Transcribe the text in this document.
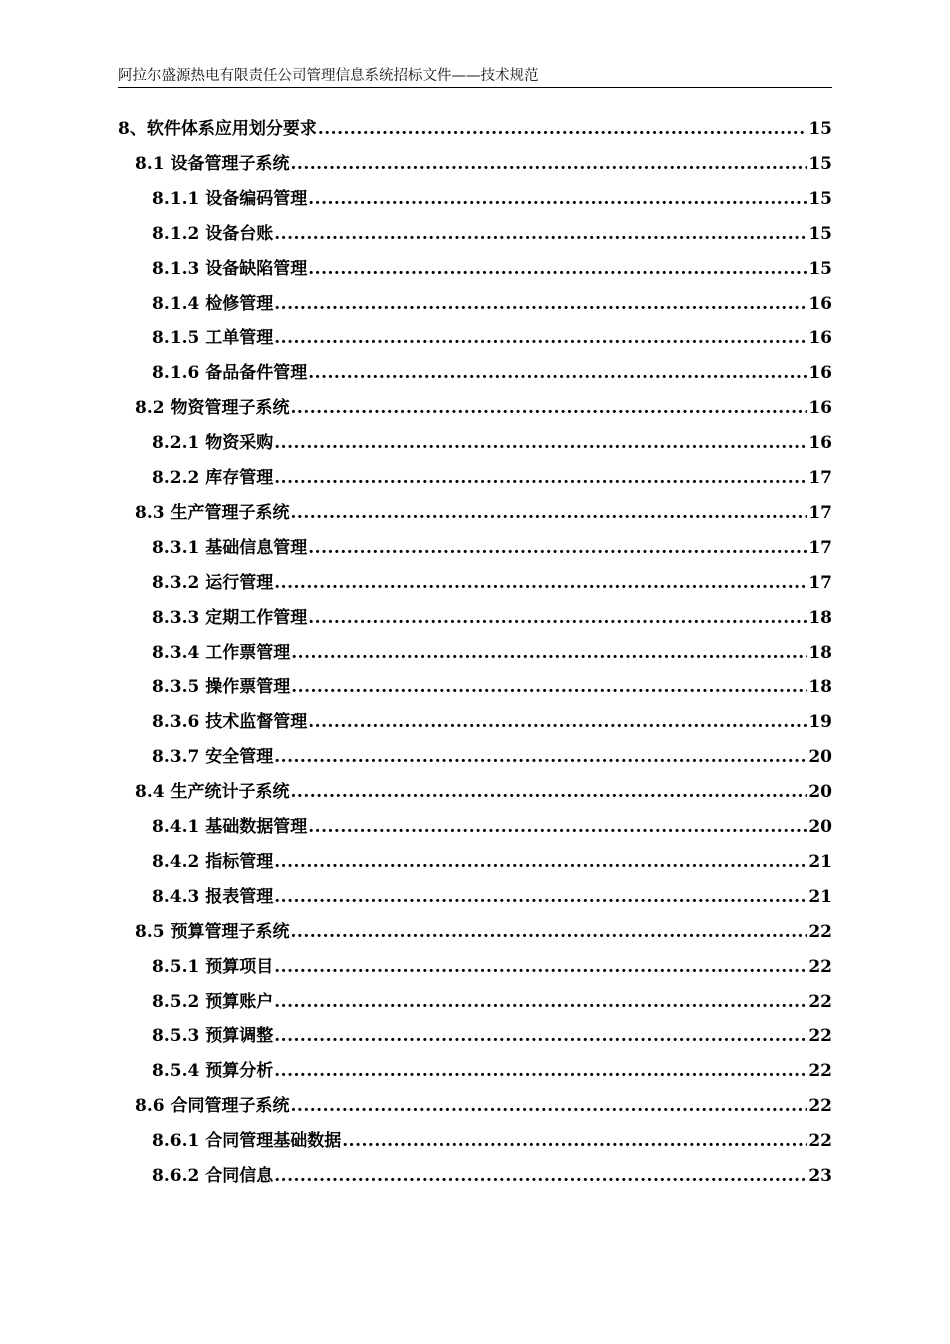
阿拉尔盛源热电有限责任公司管理信息系统招标文件——技术规范
8、软件体系应用划分要求 .....	15
8.1 设备管理子系统 .....	15
8.1.1 设备编码管理 .....	15
8.1.2 设备台账 .....	15
8.1.3 设备缺陷管理 .....	15
8.1.4 检修管理 .....	16
8.1.5 工单管理 .....	16
8.1.6 备品备件管理 .....	16
8.2 物资管理子系统 .....	16
8.2.1 物资采购 .....	16
8.2.2 库存管理 .....	17
8.3 生产管理子系统 .....	17
8.3.1 基础信息管理 .....	17
8.3.2 运行管理 .....	17
8.3.3 定期工作管理 .....	18
8.3.4 工作票管理 .....	18
8.3.5 操作票管理 .....	18
8.3.6 技术监督管理 .....	19
8.3.7 安全管理 .....	20
8.4 生产统计子系统 .....	20
8.4.1 基础数据管理 .....	20
8.4.2 指标管理 .....	21
8.4.3 报表管理 .....	21
8.5 预算管理子系统 .....	22
8.5.1 预算项目 .....	22
8.5.2 预算账户 .....	22
8.5.3 预算调整 .....	22
8.5.4 预算分析 .....	22
8.6 合同管理子系统 .....	22
8.6.1 合同管理基础数据 .....	22
8.6.2 合同信息 .....	23
